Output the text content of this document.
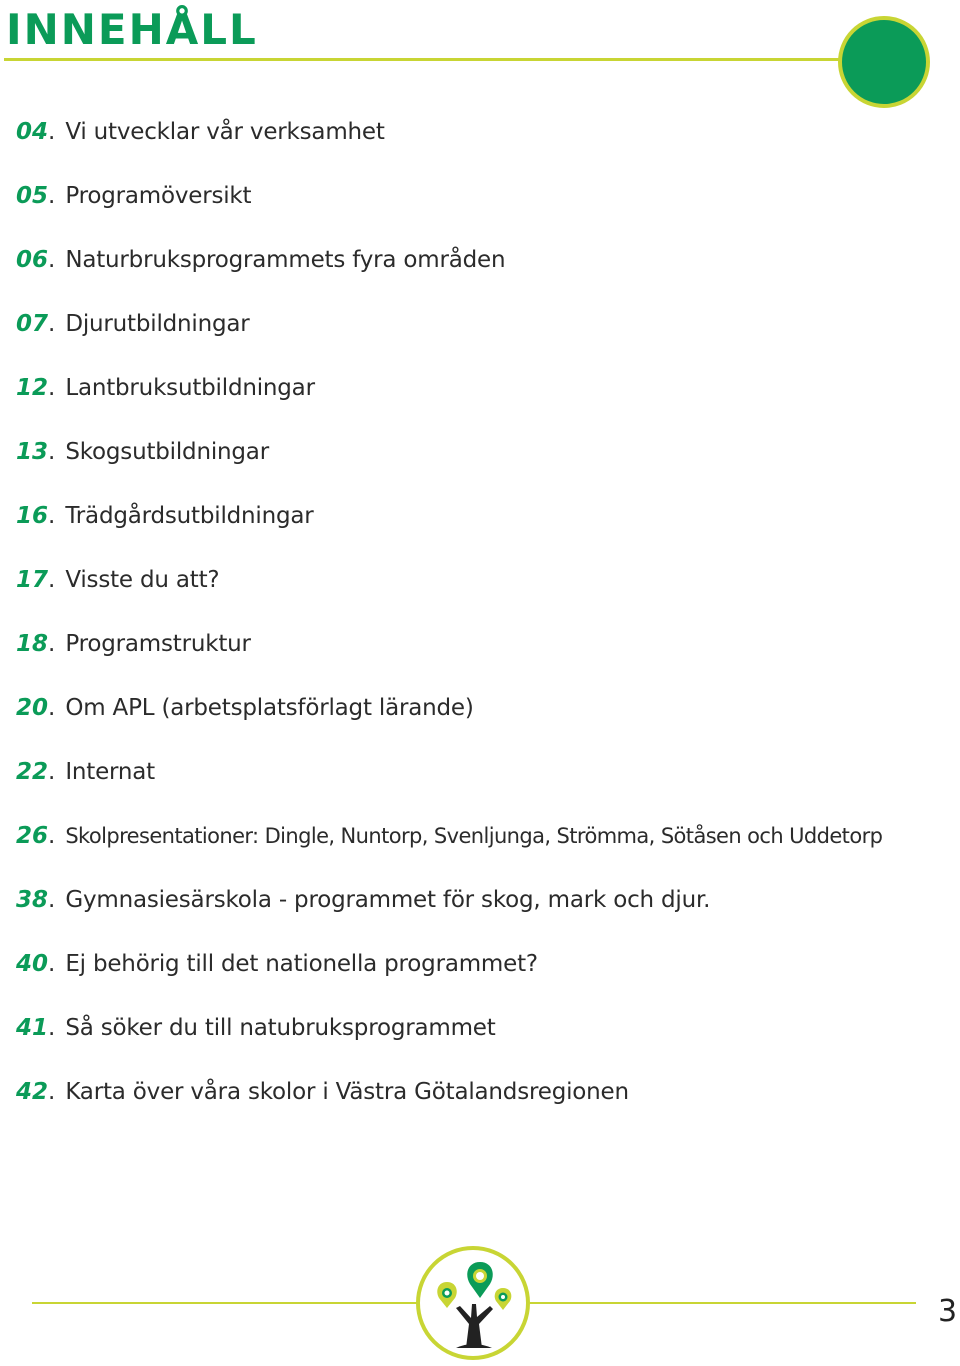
INNEHÅLL
04 . Vi utvecklar vår verksamhet
05 . Programöversikt
06 . Naturbruksprogrammets fyra områden
07 . Djurutbildningar
12 . Lantbruksutbildningar
13 . Skogsutbildningar
16 . Trädgårdsutbildningar
17 . Visste du att?
18 . Programstruktur
20 . Om APL (arbetsplatsförlagt lärande)
22 . Internat
26 . Skolpresentationer: Dingle, Nuntorp, Svenljunga, Strömma, Sötåsen och Uddetorp
38 . Gymnasiesärskola - programmet för skog, mark och djur.
40 . Ej behörig till det nationella programmet?
41 . Så söker du till natubruksprogrammet
42 . Karta över våra skolor i Västra Götalandsregionen
3
